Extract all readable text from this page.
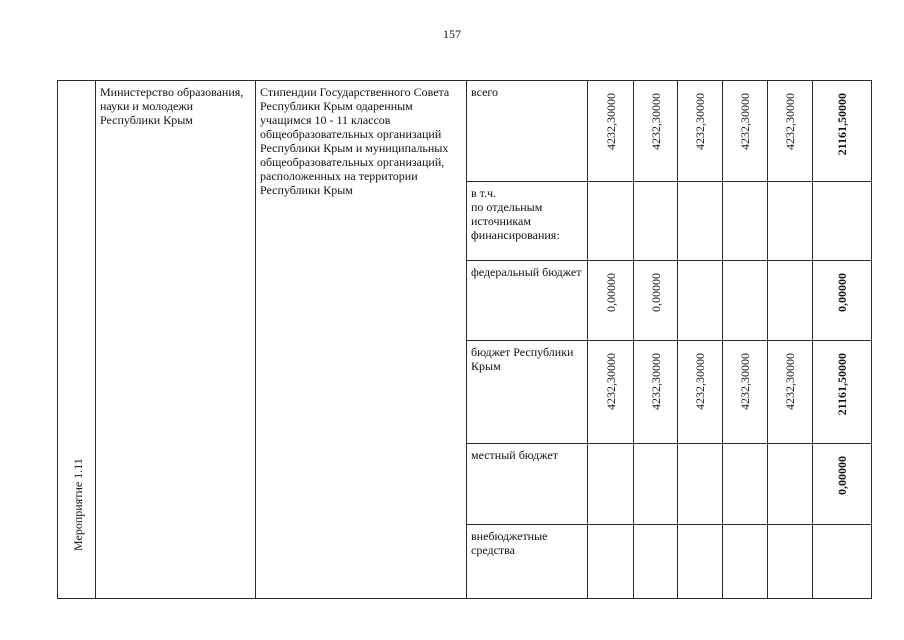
157
Мероприятие 1.11	Министерство образования, науки и молодежи Республики Крым	Стипендии Государственного Совета Республики Крым одаренным учащимся 10 - 11 классов общеобразовательных организаций Республики Крым и муниципальных общеобразовательных организаций, расположенных на территории Республики Крым	всего	4232,30000	4232,30000	4232,30000	4232,30000	4232,30000	21161,50000

			в т.ч.
по отдельным источникам финансирования:	

			федеральный бюджет	0,00000	0,00000				0,00000

			бюджет Республики Крым	4232,30000	4232,30000	4232,30000	4232,30000	4232,30000	21161,50000

			местный бюджет						0,00000

			внебюджетные средства	
